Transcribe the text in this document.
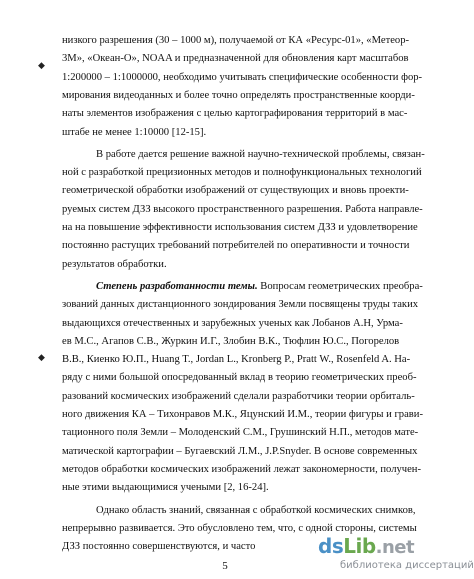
◆
◆
5
dsLib.net
библиотека диссертаций
низкого разрешения (30 – 1000 м), получаемой от КА «Ресурс-01», «Метеор-
3М», «Океан-О», NOAA и предназначенной для обновления карт масштабов
1:200000 – 1:1000000, необходимо учитывать специфические особенности фор-
мирования видеоданных и более точно определять пространственные коорди-
наты элементов изображения с целью картографирования территорий в мас-
штабе не менее 1:10000 [12-15].
В работе дается решение важной научно-технической проблемы, связан-
ной с разработкой прецизионных методов и полнофункциональных технологий
геометрической обработки изображений от существующих и вновь проекти-
руемых систем ДЗЗ высокого пространственного разрешения. Работа направле-
на на повышение эффективности использования систем ДЗЗ и удовлетворение
постоянно растущих требований потребителей по оперативности и точности
результатов обработки.
Степень разработанности темы. Вопросам геометрических преобра-
зований данных дистанционного зондирования Земли посвящены труды таких
выдающихся отечественных и зарубежных ученых как Лобанов А.Н, Урма-
ев М.С., Агапов С.В., Журкин И.Г., Злобин В.К., Тюфлин Ю.С., Погорелов
В.В., Киенко Ю.П., Huang T., Jordan L., Kronberg P., Pratt W., Rosenfeld A. На-
ряду с ними большой опосредованный вклад в теорию геометрических преоб-
разований космических изображений сделали разработчики теории орбиталь-
ного движения КА – Тихонравов М.К., Яцунский И.М., теории фигуры и грави-
тационного поля Земли – Молоденский С.М., Грушинский Н.П., методов мате-
матической картографии – Бугаевский Л.М., J.P.Snyder. В основе современных
методов обработки космических изображений лежат закономерности, получен-
ные этими выдающимися учеными [2, 16-24].
Однако область знаний, связанная с обработкой космических снимков,
непрерывно развивается. Это обусловлено тем, что, с одной стороны, системы
ДЗЗ постоянно совершенствуются, и часто
